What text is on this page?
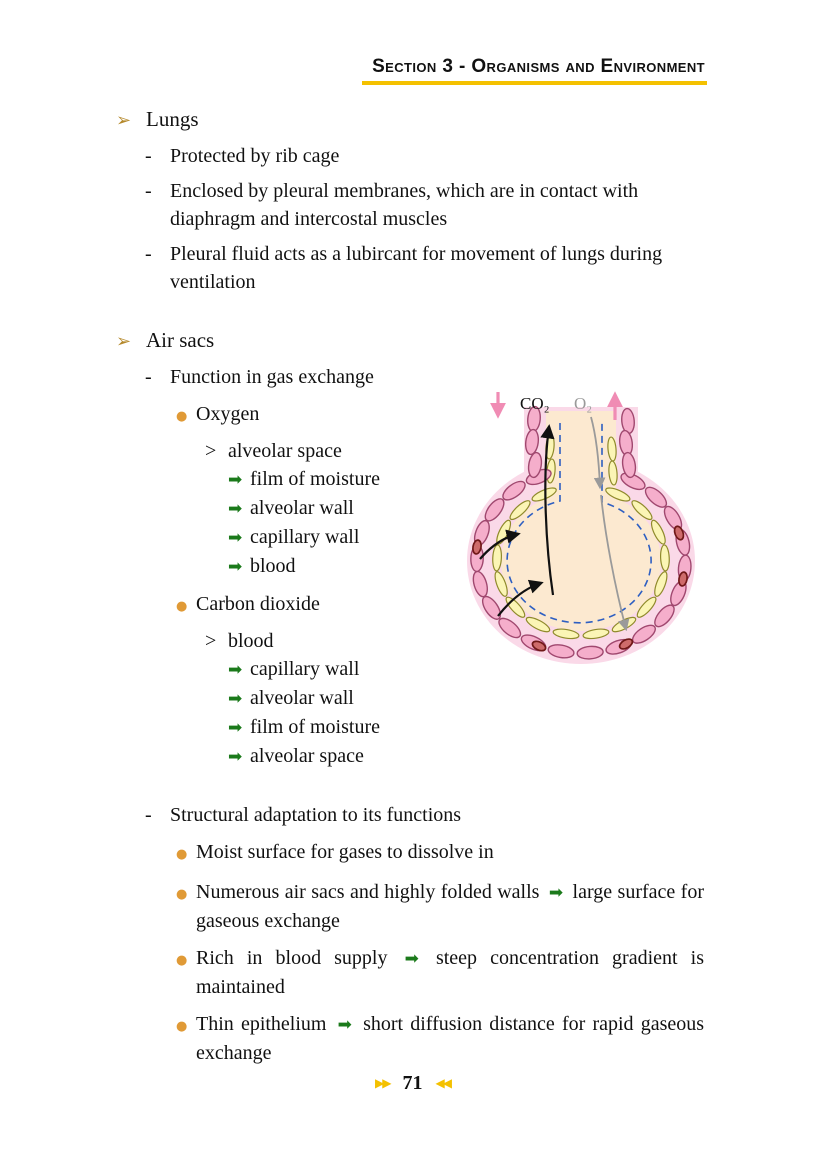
Section 3 - Organisms and Environment
➢ Lungs
- Protected by rib cage
- Enclosed by pleural membranes, which are in contact with diaphragm and intercostal muscles
- Pleural fluid acts as a lubircant for movement of lungs during ventilation
➢ Air sacs
- Function in gas exchange
● Oxygen
> alveolar space
➡ film of moisture
➡ alveolar wall
➡ capillary wall
➡ blood
● Carbon dioxide
> blood
➡ capillary wall
➡ alveolar wall
➡ film of moisture
➡ alveolar space
- Structural adaptation to its functions
● Moist surface for gases to dissolve in
● Numerous air sacs and highly folded walls ➡ large surface for gaseous exchange
● Rich in blood supply ➡ steep concentration gradient is maintained
● Thin epithelium ➡ short diffusion distance for rapid gaseous exchange
CO₂ O₂
▶▶ 71 ◀◀
